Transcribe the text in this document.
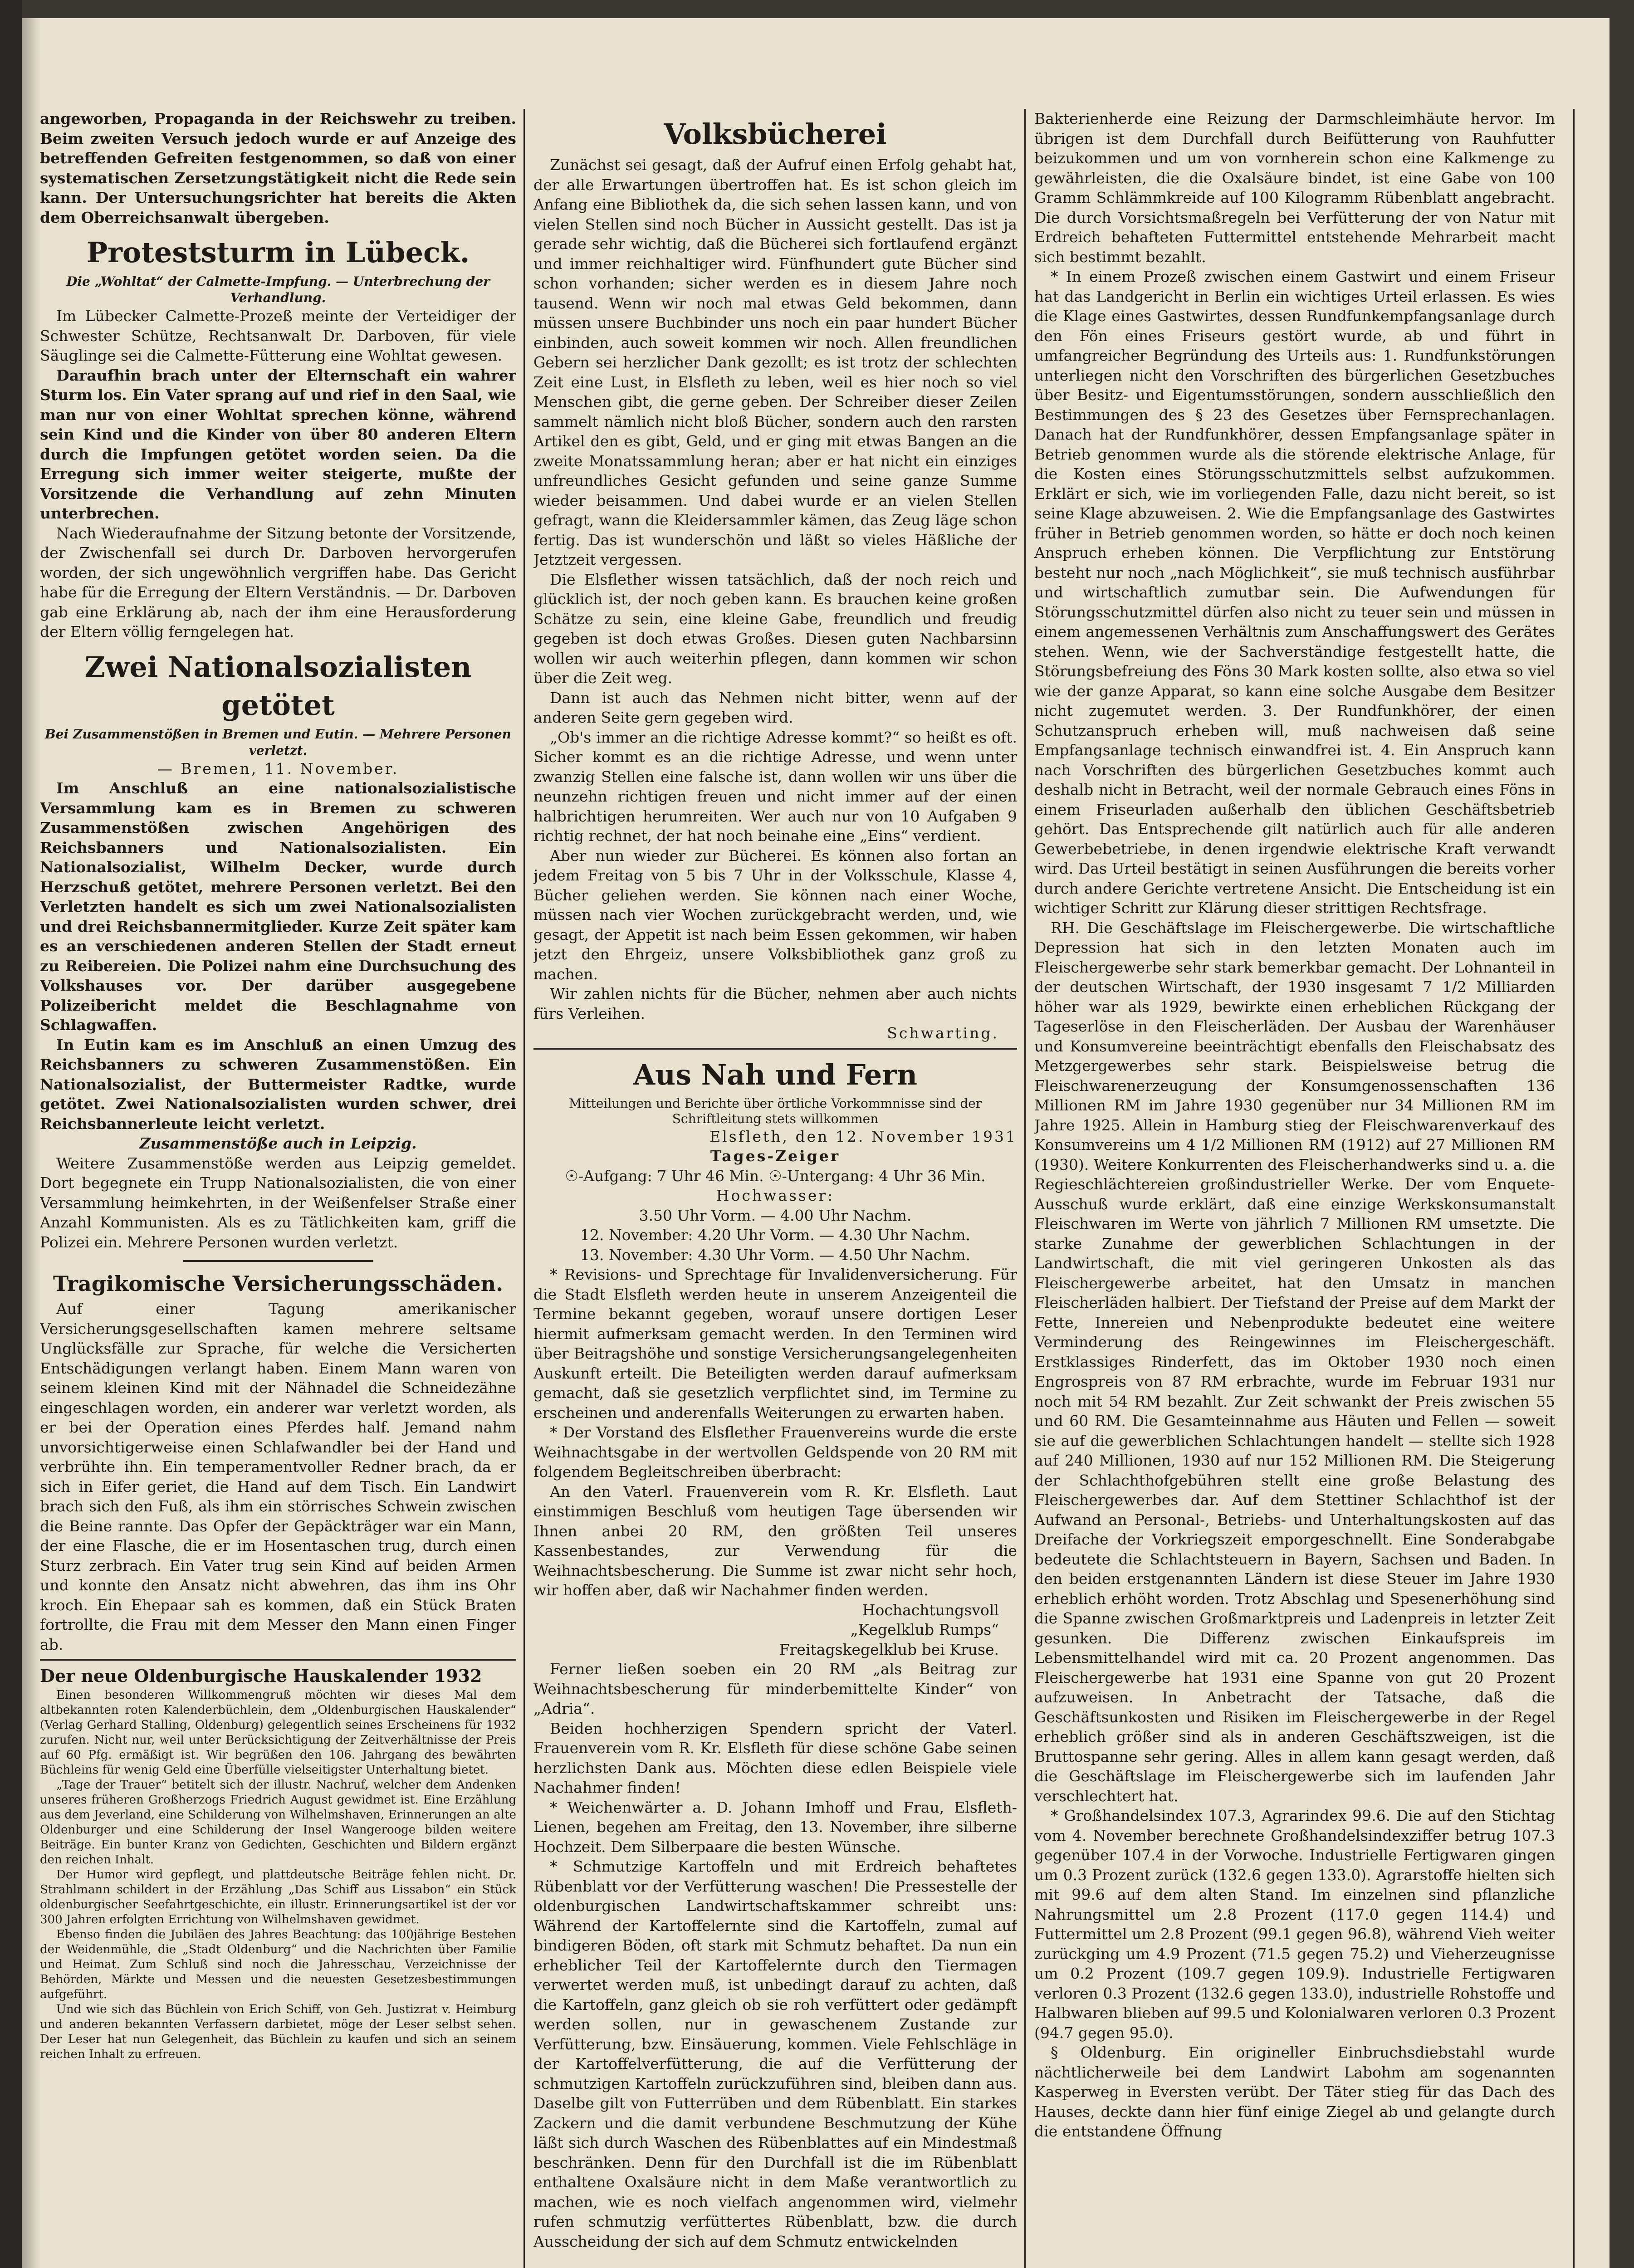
angeworben, Propaganda in der Reichswehr zu treiben. Beim zweiten Versuch jedoch wurde er auf Anzeige des betreffenden Gefreiten festgenommen, so daß von einer systematischen Zersetzungstätigkeit nicht die Rede sein kann. Der Untersuchungsrichter hat bereits die Akten dem Oberreichsanwalt übergeben.

Proteststurm in Lübeck.

Die „Wohltat“ der Calmette-Impfung. — Unterbrechung der Verhandlung.

Im Lübecker Calmette-Prozeß meinte der Verteidiger der Schwester Schütze, Rechtsanwalt Dr. Darboven, für viele Säuglinge sei die Calmette-Fütterung eine Wohltat gewesen.

Daraufhin brach unter der Elternschaft ein wahrer Sturm los. Ein Vater sprang auf und rief in den Saal, wie man nur von einer Wohltat sprechen könne, während sein Kind und die Kinder von über 80 anderen Eltern durch die Impfungen getötet worden seien. Da die Erregung sich immer weiter steigerte, mußte der Vorsitzende die Verhandlung auf zehn Minuten unterbrechen.

Nach Wiederaufnahme der Sitzung betonte der Vorsitzende, der Zwischenfall sei durch Dr. Darboven hervorgerufen worden, der sich ungewöhnlich vergriffen habe. Das Gericht habe für die Erregung der Eltern Verständnis. — Dr. Darboven gab eine Erklärung ab, nach der ihm eine Herausforderung der Eltern völlig ferngelegen hat.

Zwei Nationalsozialisten getötet

Bei Zusammenstößen in Bremen und Eutin. — Mehrere Personen verletzt.

— Bremen, 11. November.

Im Anschluß an eine nationalsozialistische Versammlung kam es in Bremen zu schweren Zusammenstößen zwischen Angehörigen des Reichsbanners und Nationalsozialisten. Ein Nationalsozialist, Wilhelm Decker, wurde durch Herzschuß getötet, mehrere Personen verletzt. Bei den Verletzten handelt es sich um zwei Nationalsozialisten und drei Reichsbannermitglieder. Kurze Zeit später kam es an verschiedenen anderen Stellen der Stadt erneut zu Reibereien. Die Polizei nahm eine Durchsuchung des Volkshauses vor. Der darüber ausgegebene Polizeibericht meldet die Beschlagnahme von Schlagwaffen.

In Eutin kam es im Anschluß an einen Umzug des Reichsbanners zu schweren Zusammenstößen. Ein Nationalsozialist, der Buttermeister Radtke, wurde getötet. Zwei Nationalsozialisten wurden schwer, drei Reichsbannerleute leicht verletzt.

Zusammenstöße auch in Leipzig.

Weitere Zusammenstöße werden aus Leipzig gemeldet. Dort begegnete ein Trupp Nationalsozialisten, die von einer Versammlung heimkehrten, in der Weißenfelser Straße einer Anzahl Kommunisten. Als es zu Tätlichkeiten kam, griff die Polizei ein. Mehrere Personen wurden verletzt.

Tragikomische Versicherungsschäden.

Auf einer Tagung amerikanischer Versicherungsgesellschaften kamen mehrere seltsame Unglücksfälle zur Sprache, für welche die Versicherten Entschädigungen verlangt haben. Einem Mann waren von seinem kleinen Kind mit der Nähnadel die Schneidezähne eingeschlagen worden, ein anderer war verletzt worden, als er bei der Operation eines Pferdes half. Jemand nahm unvorsichtigerweise einen Schlafwandler bei der Hand und verbrühte ihn. Ein temperamentvoller Redner brach, da er sich in Eifer geriet, die Hand auf dem Tisch. Ein Landwirt brach sich den Fuß, als ihm ein störrisches Schwein zwischen die Beine rannte. Das Opfer der Gepäckträger war ein Mann, der eine Flasche, die er im Hosentaschen trug, durch einen Sturz zerbrach. Ein Vater trug sein Kind auf beiden Armen und konnte den Ansatz nicht abwehren, das ihm ins Ohr kroch. Ein Ehepaar sah es kommen, daß ein Stück Braten fortrollte, die Frau mit dem Messer den Mann einen Finger ab.

Der neue Oldenburgische Hauskalender 1932

Einen besonderen Willkommengruß möchten wir dieses Mal dem altbekannten roten Kalenderbüchlein, dem „Oldenburgischen Hauskalender“ (Verlag Gerhard Stalling, Oldenburg) gelegentlich seines Erscheinens für 1932 zurufen. Nicht nur, weil unter Berücksichtigung der Zeitverhältnisse der Preis auf 60 Pfg. ermäßigt ist. Wir begrüßen den 106. Jahrgang des bewährten Büchleins für wenig Geld eine Überfülle vielseitigster Unterhaltung bietet.

„Tage der Trauer“ betitelt sich der illustr. Nachruf, welcher dem Andenken unseres früheren Großherzogs Friedrich August gewidmet ist. Eine Erzählung aus dem Jeverland, eine Schilderung von Wilhelmshaven, Erinnerungen an alte Oldenburger und eine Schilderung der Insel Wangerooge bilden weitere Beiträge. Ein bunter Kranz von Gedichten, Geschichten und Bildern ergänzt den reichen Inhalt.

Der Humor wird gepflegt, und plattdeutsche Beiträge fehlen nicht. Dr. Strahlmann schildert in der Erzählung „Das Schiff aus Lissabon“ ein Stück oldenburgischer Seefahrtgeschichte, ein illustr. Erinnerungsartikel ist der vor 300 Jahren erfolgten Errichtung von Wilhelmshaven gewidmet.

Ebenso finden die Jubiläen des Jahres Beachtung: das 100jährige Bestehen der Weidenmühle, die „Stadt Oldenburg“ und die Nachrichten über Familie und Heimat. Zum Schluß sind noch die Jahresschau, Verzeichnisse der Behörden, Märkte und Messen und die neuesten Gesetzesbestimmungen aufgeführt.

Und wie sich das Büchlein von Erich Schiff, von Geh. Justizrat v. Heimburg und anderen bekannten Verfassern darbietet, möge der Leser selbst sehen. Der Leser hat nun Gelegenheit, das Büchlein zu kaufen und sich an seinem reichen Inhalt zu erfreuen.

Volksbücherei

Zunächst sei gesagt, daß der Aufruf einen Erfolg gehabt hat, der alle Erwartungen übertroffen hat. Es ist schon gleich im Anfang eine Bibliothek da, die sich sehen lassen kann, und von vielen Stellen sind noch Bücher in Aussicht gestellt. Das ist ja gerade sehr wichtig, daß die Bücherei sich fortlaufend ergänzt und immer reichhaltiger wird. Fünfhundert gute Bücher sind schon vorhanden; sicher werden es in diesem Jahre noch tausend. Wenn wir noch mal etwas Geld bekommen, dann müssen unsere Buchbinder uns noch ein paar hundert Bücher einbinden, auch soweit kommen wir noch. Allen freundlichen Gebern sei herzlicher Dank gezollt; es ist trotz der schlechten Zeit eine Lust, in Elsfleth zu leben, weil es hier noch so viel Menschen gibt, die gerne geben. Der Schreiber dieser Zeilen sammelt nämlich nicht bloß Bücher, sondern auch den rarsten Artikel den es gibt, Geld, und er ging mit etwas Bangen an die zweite Monatssammlung heran; aber er hat nicht ein einziges unfreundliches Gesicht gefunden und seine ganze Summe wieder beisammen. Und dabei wurde er an vielen Stellen gefragt, wann die Kleidersammler kämen, das Zeug läge schon fertig. Das ist wunderschön und läßt so vieles Häßliche der Jetztzeit vergessen.

Die Elsflether wissen tatsächlich, daß der noch reich und glücklich ist, der noch geben kann. Es brauchen keine großen Schätze zu sein, eine kleine Gabe, freundlich und freudig gegeben ist doch etwas Großes. Diesen guten Nachbarsinn wollen wir auch weiterhin pflegen, dann kommen wir schon über die Zeit weg.

Dann ist auch das Nehmen nicht bitter, wenn auf der anderen Seite gern gegeben wird.

„Ob's immer an die richtige Adresse kommt?“ so heißt es oft. Sicher kommt es an die richtige Adresse, und wenn unter zwanzig Stellen eine falsche ist, dann wollen wir uns über die neunzehn richtigen freuen und nicht immer auf der einen halbrichtigen herumreiten. Wer auch nur von 10 Aufgaben 9 richtig rechnet, der hat noch beinahe eine „Eins“ verdient.

Aber nun wieder zur Bücherei. Es können also fortan an jedem Freitag von 5 bis 7 Uhr in der Volksschule, Klasse 4, Bücher geliehen werden. Sie können nach einer Woche, müssen nach vier Wochen zurückgebracht werden, und, wie gesagt, der Appetit ist nach beim Essen gekommen, wir haben jetzt den Ehrgeiz, unsere Volksbibliothek ganz groß zu machen.

Wir zahlen nichts für die Bücher, nehmen aber auch nichts fürs Verleihen.

Schwarting.

Aus Nah und Fern

Mitteilungen und Berichte über örtliche Vorkommnisse sind der Schriftleitung stets willkommen

Elsfleth, den 12. November 1931

Tages-Zeiger

☉-Aufgang: 7 Uhr 46 Min. ☉-Untergang: 4 Uhr 36 Min.

Hochwasser:

3.50 Uhr Vorm. — 4.00 Uhr Nachm.

12. November: 4.20 Uhr Vorm. — 4.30 Uhr Nachm.

13. November: 4.30 Uhr Vorm. — 4.50 Uhr Nachm.

* Revisions- und Sprechtage für Invalidenversicherung. Für die Stadt Elsfleth werden heute in unserem Anzeigenteil die Termine bekannt gegeben, worauf unsere dortigen Leser hiermit aufmerksam gemacht werden. In den Terminen wird über Beitragshöhe und sonstige Versicherungsangelegenheiten Auskunft erteilt. Die Beteiligten werden darauf aufmerksam gemacht, daß sie gesetzlich verpflichtet sind, im Termine zu erscheinen und anderenfalls Weiterungen zu erwarten haben.

* Der Vorstand des Elsflether Frauenvereins wurde die erste Weihnachtsgabe in der wertvollen Geldspende von 20 RM mit folgendem Begleitschreiben überbracht:

An den Vaterl. Frauenverein vom R. Kr. Elsfleth. Laut einstimmigen Beschluß vom heutigen Tage übersenden wir Ihnen anbei 20 RM, den größten Teil unseres Kassenbestandes, zur Verwendung für die Weihnachtsbescherung. Die Summe ist zwar nicht sehr hoch, wir hoffen aber, daß wir Nachahmer finden werden.

Hochachtungsvoll

„Kegelklub Rumps“

Freitagskegelklub bei Kruse.

Ferner ließen soeben ein 20 RM „als Beitrag zur Weihnachtsbescherung für minderbemittelte Kinder“ von „Adria“.

Beiden hochherzigen Spendern spricht der Vaterl. Frauenverein vom R. Kr. Elsfleth für diese schöne Gabe seinen herzlichsten Dank aus. Möchten diese edlen Beispiele viele Nachahmer finden!

* Weichenwärter a. D. Johann Imhoff und Frau, Elsfleth-Lienen, begehen am Freitag, den 13. November, ihre silberne Hochzeit. Dem Silberpaare die besten Wünsche.

* Schmutzige Kartoffeln und mit Erdreich behaftetes Rübenblatt vor der Verfütterung waschen! Die Pressestelle der oldenburgischen Landwirtschaftskammer schreibt uns: Während der Kartoffelernte sind die Kartoffeln, zumal auf bindigeren Böden, oft stark mit Schmutz behaftet. Da nun ein erheblicher Teil der Kartoffelernte durch den Tiermagen verwertet werden muß, ist unbedingt darauf zu achten, daß die Kartoffeln, ganz gleich ob sie roh verfüttert oder gedämpft werden sollen, nur in gewaschenem Zustande zur Verfütterung, bzw. Einsäuerung, kommen. Viele Fehlschläge in der Kartoffelverfütterung, die auf die Verfütterung der schmutzigen Kartoffeln zurückzuführen sind, bleiben dann aus. Daselbe gilt von Futterrüben und dem Rübenblatt. Ein starkes Zackern und die damit verbundene Beschmutzung der Kühe läßt sich durch Waschen des Rübenblattes auf ein Mindestmaß beschränken. Denn für den Durchfall ist die im Rübenblatt enthaltene Oxalsäure nicht in dem Maße verantwortlich zu machen, wie es noch vielfach angenommen wird, vielmehr rufen schmutzig verfüttertes Rübenblatt, bzw. die durch Ausscheidung der sich auf dem Schmutz entwickelnden

Bakterienherde eine Reizung der Darmschleimhäute hervor. Im übrigen ist dem Durchfall durch Beifütterung von Rauhfutter beizukommen und um von vornherein schon eine Kalkmenge zu gewährleisten, die die Oxalsäure bindet, ist eine Gabe von 100 Gramm Schlämmkreide auf 100 Kilogramm Rübenblatt angebracht. Die durch Vorsichtsmaßregeln bei Verfütterung der von Natur mit Erdreich behafteten Futtermittel entstehende Mehrarbeit macht sich bestimmt bezahlt.

* In einem Prozeß zwischen einem Gastwirt und einem Friseur hat das Landgericht in Berlin ein wichtiges Urteil erlassen. Es wies die Klage eines Gastwirtes, dessen Rundfunkempfangsanlage durch den Fön eines Friseurs gestört wurde, ab und führt in umfangreicher Begründung des Urteils aus: 1. Rundfunkstörungen unterliegen nicht den Vorschriften des bürgerlichen Gesetzbuches über Besitz- und Eigentumsstörungen, sondern ausschließlich den Bestimmungen des § 23 des Gesetzes über Fernsprechanlagen. Danach hat der Rundfunkhörer, dessen Empfangsanlage später in Betrieb genommen wurde als die störende elektrische Anlage, für die Kosten eines Störungsschutzmittels selbst aufzukommen. Erklärt er sich, wie im vorliegenden Falle, dazu nicht bereit, so ist seine Klage abzuweisen. 2. Wie die Empfangsanlage des Gastwirtes früher in Betrieb genommen worden, so hätte er doch noch keinen Anspruch erheben können. Die Verpflichtung zur Entstörung besteht nur noch „nach Möglichkeit“, sie muß technisch ausführbar und wirtschaftlich zumutbar sein. Die Aufwendungen für Störungsschutzmittel dürfen also nicht zu teuer sein und müssen in einem angemessenen Verhältnis zum Anschaffungswert des Gerätes stehen. Wenn, wie der Sachverständige festgestellt hatte, die Störungsbefreiung des Föns 30 Mark kosten sollte, also etwa so viel wie der ganze Apparat, so kann eine solche Ausgabe dem Besitzer nicht zugemutet werden. 3. Der Rundfunkhörer, der einen Schutzanspruch erheben will, muß nachweisen daß seine Empfangsanlage technisch einwandfrei ist. 4. Ein Anspruch kann nach Vorschriften des bürgerlichen Gesetzbuches kommt auch deshalb nicht in Betracht, weil der normale Gebrauch eines Föns in einem Friseurladen außerhalb den üblichen Geschäftsbetrieb gehört. Das Entsprechende gilt natürlich auch für alle anderen Gewerbebetriebe, in denen irgendwie elektrische Kraft verwandt wird. Das Urteil bestätigt in seinen Ausführungen die bereits vorher durch andere Gerichte vertretene Ansicht. Die Entscheidung ist ein wichtiger Schritt zur Klärung dieser strittigen Rechtsfrage.

RH. Die Geschäftslage im Fleischergewerbe. Die wirtschaftliche Depression hat sich in den letzten Monaten auch im Fleischergewerbe sehr stark bemerkbar gemacht. Der Lohnanteil in der deutschen Wirtschaft, der 1930 insgesamt 7 1/2 Milliarden höher war als 1929, bewirkte einen erheblichen Rückgang der Tageserlöse in den Fleischerläden. Der Ausbau der Warenhäuser und Konsumvereine beeinträchtigt ebenfalls den Fleischabsatz des Metzgergewerbes sehr stark. Beispielsweise betrug die Fleischwarenerzeugung der Konsumgenossenschaften 136 Millionen RM im Jahre 1930 gegenüber nur 34 Millionen RM im Jahre 1925. Allein in Hamburg stieg der Fleischwarenverkauf des Konsumvereins um 4 1/2 Millionen RM (1912) auf 27 Millionen RM (1930). Weitere Konkurrenten des Fleischerhandwerks sind u. a. die Regieschlächtereien großindustrieller Werke. Der vom Enquete-Ausschuß wurde erklärt, daß eine einzige Werkskonsumanstalt Fleischwaren im Werte von jährlich 7 Millionen RM umsetzte. Die starke Zunahme der gewerblichen Schlachtungen in der Landwirtschaft, die mit viel geringeren Unkosten als das Fleischergewerbe arbeitet, hat den Umsatz in manchen Fleischerläden halbiert. Der Tiefstand der Preise auf dem Markt der Fette, Innereien und Nebenprodukte bedeutet eine weitere Verminderung des Reingewinnes im Fleischergeschäft. Erstklassiges Rinderfett, das im Oktober 1930 noch einen Engrospreis von 87 RM erbrachte, wurde im Februar 1931 nur noch mit 54 RM bezahlt. Zur Zeit schwankt der Preis zwischen 55 und 60 RM. Die Gesamteinnahme aus Häuten und Fellen — soweit sie auf die gewerblichen Schlachtungen handelt — stellte sich 1928 auf 240 Millionen, 1930 auf nur 152 Millionen RM. Die Steigerung der Schlachthofgebühren stellt eine große Belastung des Fleischergewerbes dar. Auf dem Stettiner Schlachthof ist der Aufwand an Personal-, Betriebs- und Unterhaltungskosten auf das Dreifache der Vorkriegszeit emporgeschnellt. Eine Sonderabgabe bedeutete die Schlachtsteuern in Bayern, Sachsen und Baden. In den beiden erstgenannten Ländern ist diese Steuer im Jahre 1930 erheblich erhöht worden. Trotz Abschlag und Spesenerhöhung sind die Spanne zwischen Großmarktpreis und Ladenpreis in letzter Zeit gesunken. Die Differenz zwischen Einkaufspreis im Lebensmittelhandel wird mit ca. 20 Prozent angenommen. Das Fleischergewerbe hat 1931 eine Spanne von gut 20 Prozent aufzuweisen. In Anbetracht der Tatsache, daß die Geschäftsunkosten und Risiken im Fleischergewerbe in der Regel erheblich größer sind als in anderen Geschäftszweigen, ist die Bruttospanne sehr gering. Alles in allem kann gesagt werden, daß die Geschäftslage im Fleischergewerbe sich im laufenden Jahr verschlechtert hat.

* Großhandelsindex 107.3, Agrarindex 99.6. Die auf den Stichtag vom 4. November berechnete Großhandelsindexziffer betrug 107.3 gegenüber 107.4 in der Vorwoche. Industrielle Fertigwaren gingen um 0.3 Prozent zurück (132.6 gegen 133.0). Agrarstoffe hielten sich mit 99.6 auf dem alten Stand. Im einzelnen sind pflanzliche Nahrungsmittel um 2.8 Prozent (117.0 gegen 114.4) und Futtermittel um 2.8 Prozent (99.1 gegen 96.8), während Vieh weiter zurückging um 4.9 Prozent (71.5 gegen 75.2) und Vieherzeugnisse um 0.2 Prozent (109.7 gegen 109.9). Industrielle Fertigwaren verloren 0.3 Prozent (132.6 gegen 133.0), industrielle Rohstoffe und Halbwaren blieben auf 99.5 und Kolonialwaren verloren 0.3 Prozent (94.7 gegen 95.0).

§ Oldenburg. Ein origineller Einbruchsdiebstahl wurde nächtlicherweile bei dem Landwirt Labohm am sogenannten Kasperweg in Eversten verübt. Der Täter stieg für das Dach des Hauses, deckte dann hier fünf einige Ziegel ab und gelangte durch die entstandene Öffnung
